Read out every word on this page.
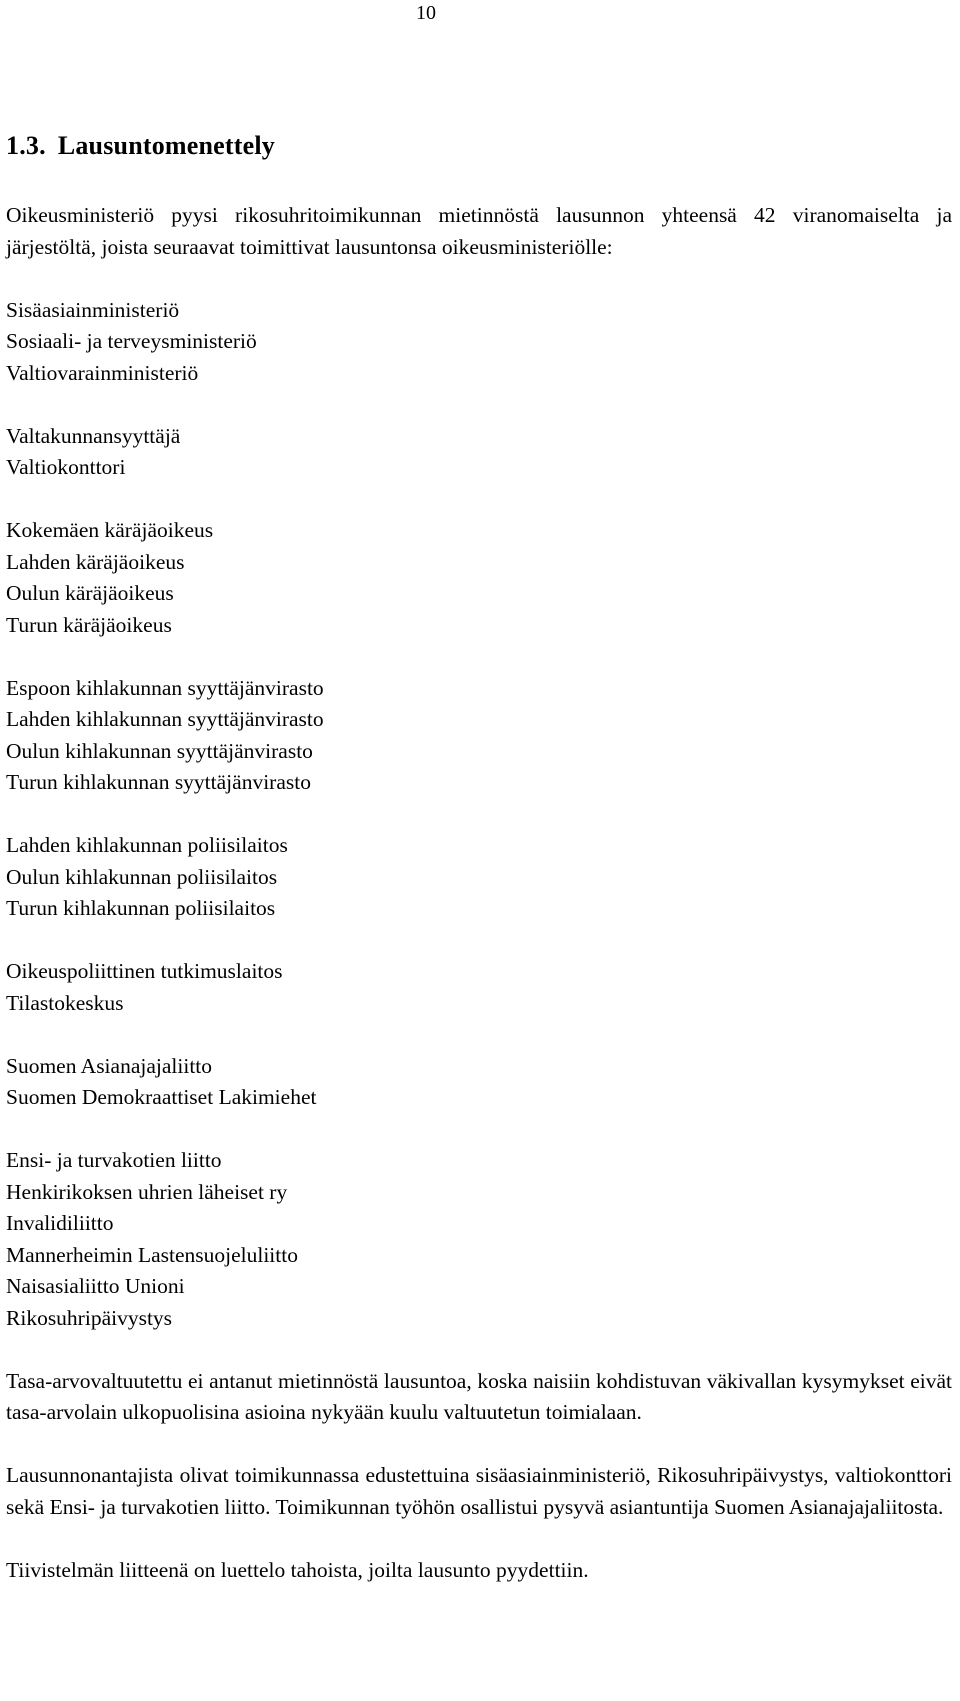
10
1.3. Lausuntomenettely

Oikeusministeriö pyysi rikosuhritoimikunnan mietinnöstä lausunnon yhteensä 42 viranomaiselta ja järjestöltä, joista seuraavat toimittivat lausuntonsa oikeusministeriölle:

Sisäasiainministeriö
Sosiaali- ja terveysministeriö
Valtiovarainministeriö
Valtakunnansyyttäjä
Valtiokonttori
Kokemäen käräjäoikeus
Lahden käräjäoikeus
Oulun käräjäoikeus
Turun käräjäoikeus
Espoon kihlakunnan syyttäjänvirasto
Lahden kihlakunnan syyttäjänvirasto
Oulun kihlakunnan syyttäjänvirasto
Turun kihlakunnan syyttäjänvirasto
Lahden kihlakunnan poliisilaitos
Oulun kihlakunnan poliisilaitos
Turun kihlakunnan poliisilaitos
Oikeuspoliittinen tutkimuslaitos
Tilastokeskus
Suomen Asianajajaliitto
Suomen Demokraattiset Lakimiehet
Ensi- ja turvakotien liitto
Henkirikoksen uhrien läheiset ry
Invalidiliitto
Mannerheimin Lastensuojeluliitto
Naisasialiitto Unioni
Rikosuhripäivystys

Tasa-arvovaltuutettu ei antanut mietinnöstä lausuntoa, koska naisiin kohdistuvan väkivallan kysymykset eivät tasa-arvolain ulkopuolisina asioina nykyään kuulu valtuutetun toimialaan.

Lausunnonantajista olivat toimikunnassa edustettuina sisäasiainministeriö, Rikosuhripäivystys, valtiokonttori sekä Ensi- ja turvakotien liitto. Toimikunnan työhön osallistui pysyvä asiantuntija Suomen Asianajajaliitosta.

Tiivistelmän liitteenä on luettelo tahoista, joilta lausunto pyydettiin.
